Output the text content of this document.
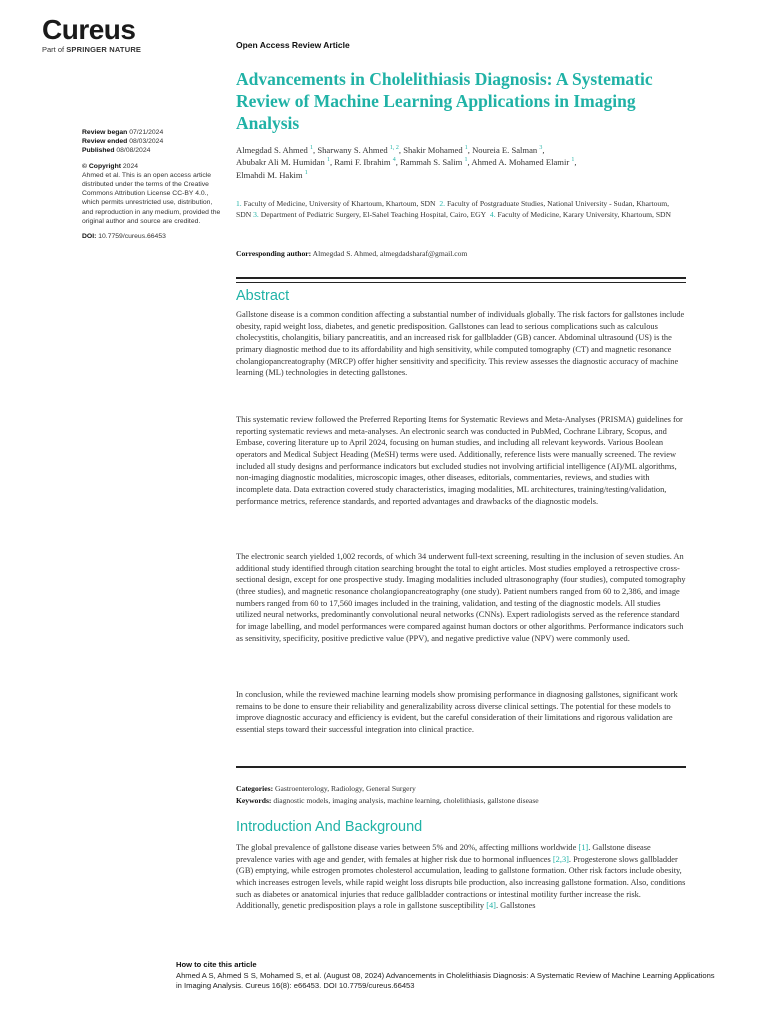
Cureus
Part of SPRINGER NATURE	Open Access Review Article
Advancements in Cholelithiasis Diagnosis: A Systematic Review of Machine Learning Applications in Imaging Analysis
Review began 07/21/2024
Review ended 08/03/2024
Published 08/08/2024
© Copyright 2024
Ahmed et al. This is an open access article distributed under the terms of the Creative Commons Attribution License CC-BY 4.0., which permits unrestricted use, distribution, and reproduction in any medium, provided the original author and source are credited.
DOI: 10.7759/cureus.66453
Almegdad S. Ahmed $^1$, Sharwany S. Ahmed $^{1, 2}$, Shakir Mohamed $^1$, Noureia E. Salman $^3$,
Abubakr Ali M. Humidan $^1$, Rami F. Ibrahim $^4$, Rammah S. Salim $^1$, Ahmed A. Mohamed Elamir $^1$,
Elmahdi M. Hakim $^1$
1. Faculty of Medicine, University of Khartoum, Khartoum, SDN 2. Faculty of Postgraduate Studies, National University - Sudan, Khartoum, SDN 3. Department of Pediatric Surgery, El-Sahel Teaching Hospital, Cairo, EGY 4. Faculty of Medicine, Karary University, Khartoum, SDN
Corresponding author: Almegdad S. Ahmed, almegdadsharaf@gmail.com
Abstract
Gallstone disease is a common condition affecting a substantial number of individuals globally. The risk factors for gallstones include obesity, rapid weight loss, diabetes, and genetic predisposition. Gallstones can lead to serious complications such as calculous cholecystitis, cholangitis, biliary pancreatitis, and an increased risk for gallbladder (GB) cancer. Abdominal ultrasound (US) is the primary diagnostic method due to its affordability and high sensitivity, while computed tomography (CT) and magnetic resonance cholangiopancreatography (MRCP) offer higher sensitivity and specificity. This review assesses the diagnostic accuracy of machine learning (ML) technologies in detecting gallstones.
This systematic review followed the Preferred Reporting Items for Systematic Reviews and Meta-Analyses (PRISMA) guidelines for reporting systematic reviews and meta-analyses. An electronic search was conducted in PubMed, Cochrane Library, Scopus, and Embase, covering literature up to April 2024, focusing on human studies, and including all relevant keywords. Various Boolean operators and Medical Subject Heading (MeSH) terms were used. Additionally, reference lists were manually screened. The review included all study designs and performance indicators but excluded studies not involving artificial intelligence (AI)/ML algorithms, non-imaging diagnostic modalities, microscopic images, other diseases, editorials, commentaries, reviews, and studies with incomplete data. Data extraction covered study characteristics, imaging modalities, ML architectures, training/testing/validation, performance metrics, reference standards, and reported advantages and drawbacks of the diagnostic models.
The electronic search yielded 1,002 records, of which 34 underwent full-text screening, resulting in the inclusion of seven studies. An additional study identified through citation searching brought the total to eight articles. Most studies employed a retrospective cross-sectional design, except for one prospective study. Imaging modalities included ultrasonography (four studies), computed tomography (three studies), and magnetic resonance cholangiopancreatography (one study). Patient numbers ranged from 60 to 2,386, and image numbers ranged from 60 to 17,560 images included in the training, validation, and testing of the diagnostic models. All studies utilized neural networks, predominantly convolutional neural networks (CNNs). Expert radiologists served as the reference standard for image labelling, and model performances were compared against human doctors or other algorithms. Performance indicators such as sensitivity, specificity, positive predictive value (PPV), and negative predictive value (NPV) were commonly used.
In conclusion, while the reviewed machine learning models show promising performance in diagnosing gallstones, significant work remains to be done to ensure their reliability and generalizability across diverse clinical settings. The potential for these models to improve diagnostic accuracy and efficiency is evident, but the careful consideration of their limitations and rigorous validation are essential steps toward their successful integration into clinical practice.
Categories: Gastroenterology, Radiology, General Surgery
Keywords: diagnostic models, imaging analysis, machine learning, cholelithiasis, gallstone disease
Introduction And Background
The global prevalence of gallstone disease varies between 5% and 20%, affecting millions worldwide [1]. Gallstone disease prevalence varies with age and gender, with females at higher risk due to hormonal influences [2,3]. Progesterone slows gallbladder (GB) emptying, while estrogen promotes cholesterol accumulation, leading to gallstone formation. Other risk factors include obesity, which increases estrogen levels, while rapid weight loss disrupts bile production, also increasing gallstone formation. Also, conditions such as diabetes or anatomical injuries that reduce gallbladder contractions or intestinal motility further increase the risk. Additionally, genetic predisposition plays a role in gallstone susceptibility [4]. Gallstones
How to cite this article
Ahmed A S, Ahmed S S, Mohamed S, et al. (August 08, 2024) Advancements in Cholelithiasis Diagnosis: A Systematic Review of Machine Learning Applications in Imaging Analysis. Cureus 16(8): e66453. DOI 10.7759/cureus.66453
